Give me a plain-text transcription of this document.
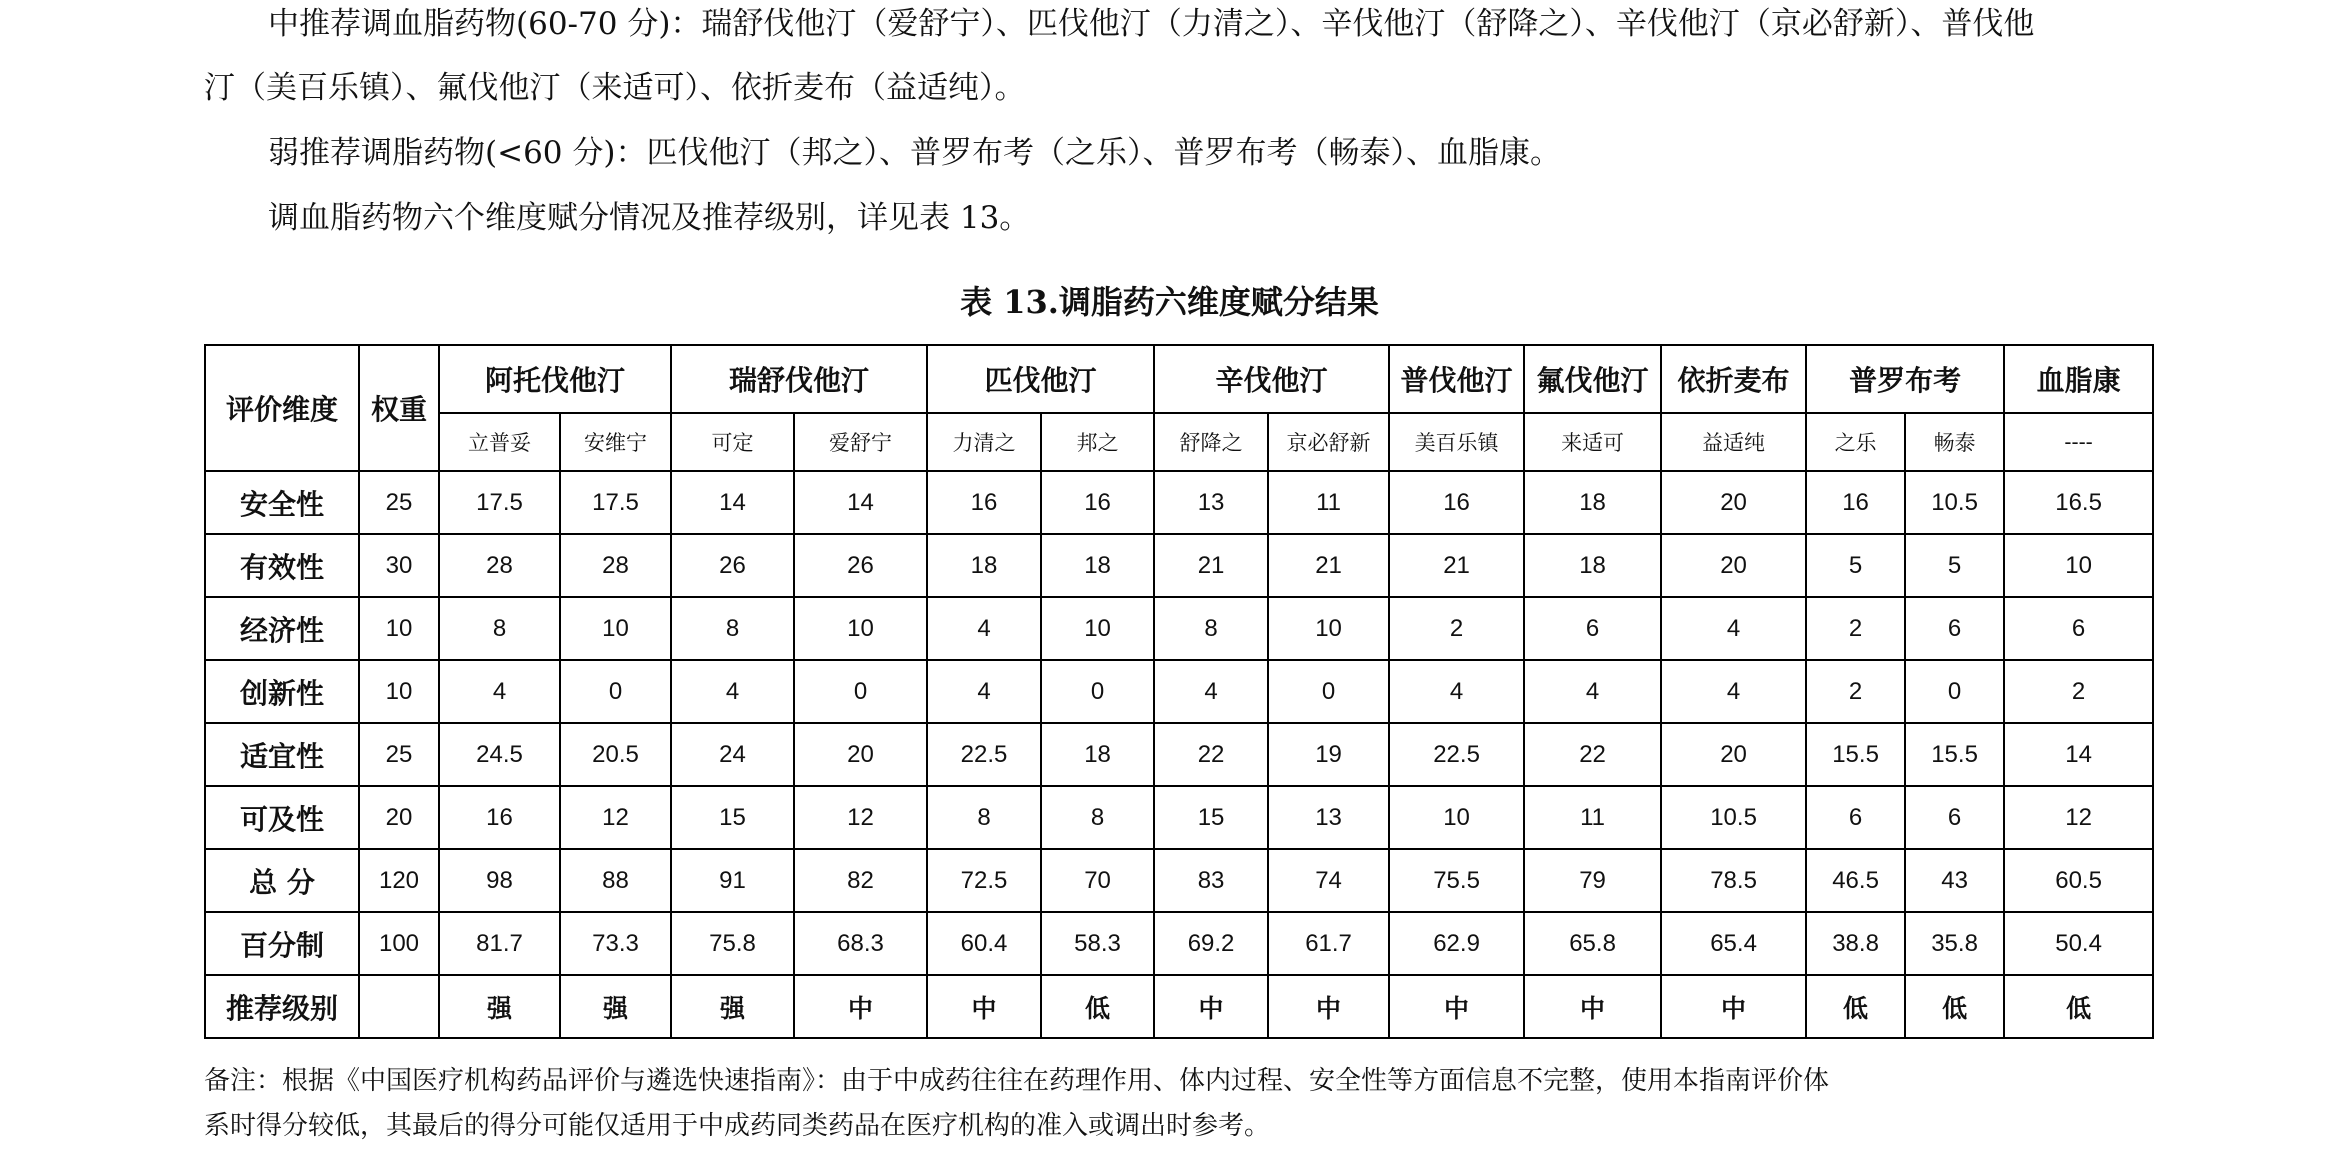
中推荐调血脂药物(60-70 分)：瑞舒伐他汀（爱舒宁）、匹伐他汀（力清之）、辛伐他汀（舒降之）、辛伐他汀（京必舒新）、普伐他

汀（美百乐镇）、氟伐他汀（来适可）、依折麦布（益适纯）。

弱推荐调脂药物(<60 分)：匹伐他汀（邦之）、普罗布考（之乐）、普罗布考（畅泰）、血脂康。

调血脂药物六个维度赋分情况及推荐级别，详见表 13。

表 13.调脂药六维度赋分结果

评价维度	权重	阿托伐他汀		瑞舒伐他汀		匹伐他汀		辛伐他汀		普伐他汀	氟伐他汀	依折麦布	普罗布考		血脂康
		立普妥	安维宁	可定	爱舒宁	力清之	邦之	舒降之	京必舒新	美百乐镇	来适可	益适纯	之乐	畅泰	----
安全性	25	17.5	17.5	14	14	16	16	13	11	16	18	20	16	10.5	16.5
有效性	30	28	28	26	26	18	18	21	21	21	18	20	5	5	10
经济性	10	8	10	8	10	4	10	8	10	2	6	4	2	6	6
创新性	10	4	0	4	0	4	0	4	0	4	4	4	2	0	2
适宜性	25	24.5	20.5	24	20	22.5	18	22	19	22.5	22	20	15.5	15.5	14
可及性	20	16	12	15	12	8	8	15	13	10	11	10.5	6	6	12
总 分	120	98	88	91	82	72.5	70	83	74	75.5	79	78.5	46.5	43	60.5
百分制	100	81.7	73.3	75.8	68.3	60.4	58.3	69.2	61.7	62.9	65.8	65.4	38.8	35.8	50.4
推荐级别		强	强	强	中	中	低	中	中	中	中	中	低	低	低

备注：根据《中国医疗机构药品评价与遴选快速指南》：由于中成药往往在药理作用、体内过程、安全性等方面信息不完整，使用本指南评价体

系时得分较低，其最后的得分可能仅适用于中成药同类药品在医疗机构的准入或调出时参考。
